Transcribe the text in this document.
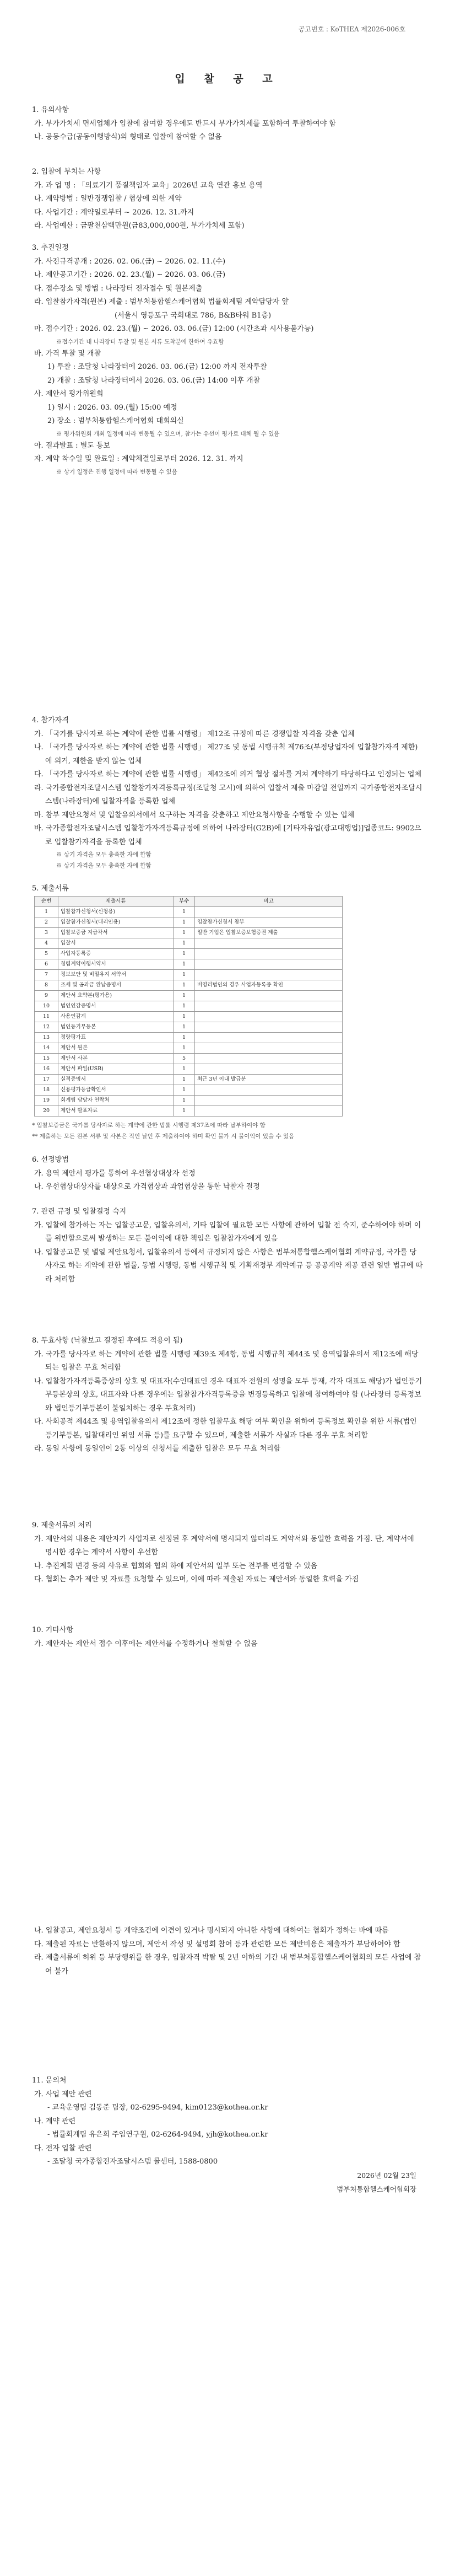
공고번호 : KoTHEA 제2026-006호
입 찰 공 고
1. 유의사항
가. 부가가치세 면세업체가 입찰에 참여할 경우에도 반드시 부가가치세를 포함하여 투찰하여야 함
나. 공동수급(공동이행방식)의 형태로 입찰에 참여할 수 없음
2. 입찰에 부치는 사항
가. 과 업 명 : 「의료기기 품질책임자 교육」2026년 교육 연관 홍보 용역
나. 계약방법 : 일반경쟁입찰 / 협상에 의한 계약
다. 사업기간 : 계약일로부터 ~ 2026. 12. 31.까지
라. 사업예산 : 금팔천삼백만원(금83,000,000원, 부가가치세 포함)
3. 추진일정
가. 사전규격공개 : 2026. 02. 06.(금) ~ 2026. 02. 11.(수)
나. 제안공고기간 : 2026. 02. 23.(월) ~ 2026. 03. 06.(금)
다. 접수장소 및 방법 : 나라장터 전자접수 및 원본제출
라. 입찰참가자격(원본) 제출 : 범부처통합헬스케어협회 법률회계팀 계약담당자 앞
(서울시 영등포구 국회대로 786, B&B타워 B1층)
마. 접수기간 : 2026. 02. 23.(월) ~ 2026. 03. 06.(금) 12:00 (시간초과 시사용불가능)
※접수기간 내 나라장터 투찰 및 원본 서류 도착분에 한하여 유효함
바. 가격 투찰 및 개찰
1) 투찰 : 조달청 나라장터에 2026. 03. 06.(금) 12:00 까지 전자투찰
2) 개찰 : 조달청 나라장터에서 2026. 03. 06.(금) 14:00 이후 개찰
사. 제안서 평가위원회
1) 일시 : 2026. 03. 09.(월) 15:00 예정
2) 장소 : 범부처통합헬스케어협회 대회의실
※ 평가위원회 개최 일정에 따라 변동될 수 있으며, 참가는 유선이 평가로 대체 될 수 있음
아. 결과발표 : 별도 통보
자. 계약 착수일 및 완료일 : 계약체결일로부터 2026. 12. 31. 까지
※ 상기 일정은 진행 일정에 따라 변동될 수 있음
4. 참가자격
가. 「국가를 당사자로 하는 계약에 관한 법률 시행령」 제12조 규정에 따른 경쟁입찰 자격을 갖춘 업체
나. 「국가를 당사자로 하는 계약에 관한 법률 시행령」 제27조 및 동법 시행규칙 제76조(부정당업자에 입찰참가자격 제한)에 의거, 제한을 받지 않는 업체
다. 「국가를 당사자로 하는 계약에 관한 법률 시행령」 제42조에 의거 협상 절차를 거쳐 계약하기 타당하다고 인정되는 업체
라. 국가종합전자조달시스템 입찰참가자격등록규정(조달청 고시)에 의하여 입찰서 제출 마감일 전일까지 국가종합전자조달시스템(나라장터)에 입찰자격을 등록한 업체
마. 참부 제안요청서 및 입찰유의서에서 요구하는 자격을 갖춘하고 제안요청사항을 수행할 수 있는 업체
바. 국가종합전자조달시스템 입찰참가자격등록규정에 의하여 나라장터(G2B)에 [기타자유업(광고대행업)]업종코드: 9902으로 입찰참가자격을 등록한 업체
※ 상기 자격을 모두 충족한 자에 한함
※ 상기 자격을 모두 충족한 자에 한함
5. 제출서류
순번	제출서류	부수	비고
1	입찰참가신청서(신청용)	1	
2	입찰참가신청서(대리인용)	1	입찰참가신청서 참부
3	입찰보증금 지급각서	1	일반 기업은 입찰보증보험증권 제출
4	입찰서	1	
5	사업자등록증	1	
6	청렴계약이행서약서	1	
7	정보보안 및 비밀유지 서약서	1	
8	조세 및 공과금 완납증명서	1	비영리법인의 경우 사업자등록증 확인
9	제안서 요약본(평가용)	1	
10	법인인감증명서	1	
11	사용인감계	1	
12	법인등기부등본	1	
13	정량평가표	1	
14	제안서 원본	1	
15	제안서 사본	5	
16	제안서 파일(USB)	1	
17	실적증명서	1	최근 3년 이내 발급분
18	신용평가등급확인서	1	
19	회계팀 담당자 연락처	1	
20	제안서 발표자료	1	
* 입찰보증금은 국가를 당사자로 하는 계약에 관한 법률 시행령 제37조에 따라 납부하여야 함
** 제출하는 모든 원본 서류 및 사본은 직인 날인 후 제출하여야 하며 확인 불가 시 불이익이 있을 수 있음
6. 선정방법
가. 용역 제안서 평가를 통하여 우선협상대상자 선정
나. 우선협상대상자를 대상으로 가격협상과 과업협상을 통한 낙찰자 결정
7. 관련 규정 및 입찰결정 숙지
가. 입찰에 참가하는 자는 입찰공고문, 입찰유의서, 기타 입찰에 필요한 모든 사항에 관하여 입찰 전 숙지, 준수하여야 하며 이를 위반할으로써 발생하는 모든 불이익에 대한 책임은 입찰참가자에게 있음
나. 입찰공고문 및 별일 제안요청서, 입찰유의서 등에서 규정되지 않은 사항은 범부처통합헬스케어협회 계약규정, 국가를 당사자로 하는 계약에 관한 법률, 동법 시행령, 동법 시행규칙 및 기획재정부 계약예규 등 공공계약 제공 관련 일반 법규에 따라 처리함
8. 무효사항 (낙찰보고 결정된 후에도 적용이 됨)
가. 국가를 당사자로 하는 계약에 관한 법률 시행령 제39조 제4항, 동법 시행규칙 제44조 및 용역입찰유의서 제12조에 해당되는 입찰은 무효 처리함
나. 입찰참가자격등록증상의 상호 및 대표자(수인대표인 경우 대표자 전원의 성명을 모두 등재, 각자 대표도 해당)가 법인등기부등본상의 상호, 대표자와 다른 경우에는 입찰참가자격등록증을 변경등록하고 입찰에 참여하여야 함 (나라장터 등록정보와 법인등기부등본이 불일치하는 경우 무효처리)
다. 사회공적 제44조 및 용역입찰유의서 제12조에 정한 입찰무효 해당 여부 확인을 위하여 등록정보 확인을 위한 서류(법인등기부등본, 입찰대리인 위임 서류 등)를 요구할 수 있으며, 제출한 서류가 사실과 다른 경우 무효 처리함
라. 동일 사항에 동일인이 2통 이상의 신청서를 제출한 입찰은 모두 무효 처리함
9. 제출서류의 처리
가. 제안서의 내용은 제안자가 사업자로 선정된 후 계약서에 명시되지 않더라도 계약서와 동일한 효력을 가짐. 단, 계약서에 명시한 경우는 계약서 사항이 우선함
나. 추진계획 변경 등의 사유로 협회와 협의 하에 제안서의 일부 또는 전부를 변경할 수 있음
다. 협회는 추가 제안 및 자료를 요청할 수 있으며, 이에 따라 제출된 자료는 제안서와 동일한 효력을 가짐
10. 기타사항
가. 제안자는 제안서 접수 이후에는 제안서를 수정하거나 철회할 수 없음
나. 입찰공고, 제안요청서 등 계약조건에 이견이 있거나 명시되지 아니한 사항에 대하여는 협회가 정하는 바에 따름
다. 제출된 자료는 반환하지 않으며, 제안서 작성 및 설명회 참여 등과 관련한 모든 제반비용은 제출자가 부담하여야 함
라. 제출서류에 허위 등 부당행위를 한 경우, 입찰자격 박탈 및 2년 이하의 기간 내 범부처통합헬스케어협회의 모든 사업에 참여 불가
11. 문의처
가. 사업 제안 관련
- 교육운영팀 김동준 팀장, 02-6295-9494, kim0123@kothea.or.kr
나. 계약 관련
- 법률회계팀 유은희 주임연구원, 02-6264-9494, yjh@kothea.or.kr
다. 전자 입찰 관련
- 조달청 국가종합전자조달시스템 콜센터, 1588-0800
2026년 02월 23일
범부처통합헬스케어협회장
